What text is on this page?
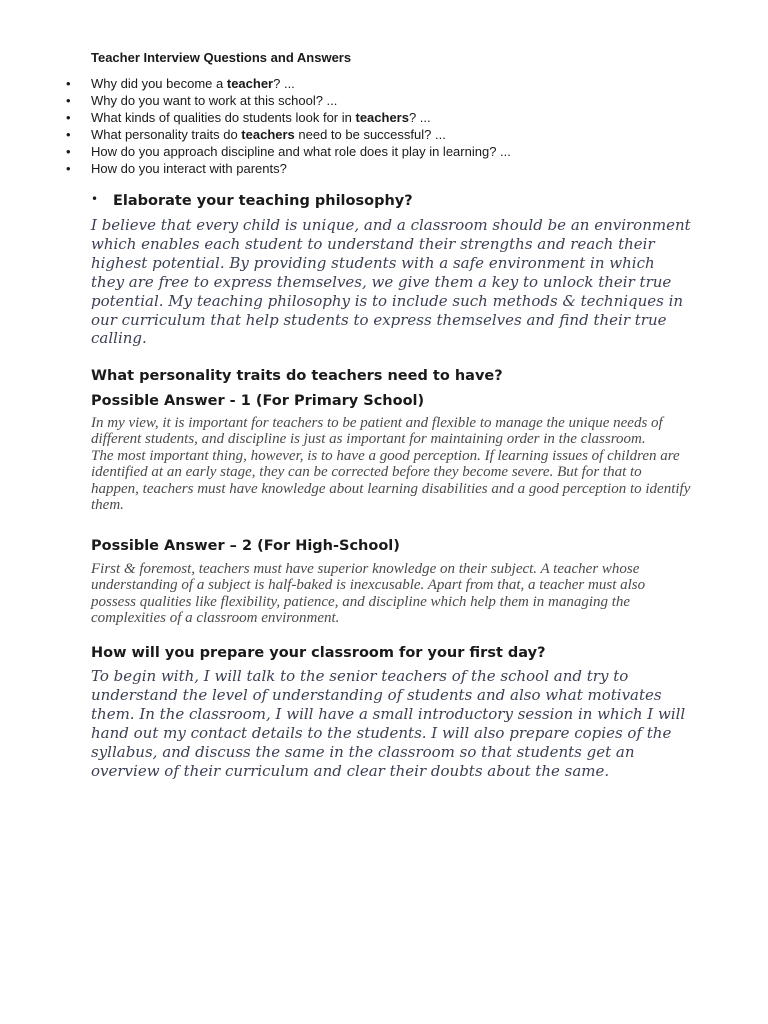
Teacher Interview Questions and Answers
• Why did you become a teacher? ...
• Why do you want to work at this school? ...
• What kinds of qualities do students look for in teachers? ...
• What personality traits do teachers need to be successful? ...
• How do you approach discipline and what role does it play in learning? ...
• How do you interact with parents?
• Elaborate your teaching philosophy?

I believe that every child is unique, and a classroom should be an environment which enables each student to understand their strengths and reach their highest potential. By providing students with a safe environment in which they are free to express themselves, we give them a key to unlock their true potential. My teaching philosophy is to include such methods & techniques in our curriculum that help students to express themselves and find their true calling.

What personality traits do teachers need to have?
Possible Answer - 1 (For Primary School)

In my view, it is important for teachers to be patient and flexible to manage the unique needs of different students, and discipline is just as important for maintaining order in the classroom.

The most important thing, however, is to have a good perception. If learning issues of children are identified at an early stage, they can be corrected before they become severe. But for that to happen, teachers must have knowledge about learning disabilities and a good perception to identify them.

Possible Answer – 2 (For High-School)

First & foremost, teachers must have superior knowledge on their subject. A teacher whose understanding of a subject is half-baked is inexcusable. Apart from that, a teacher must also possess qualities like flexibility, patience, and discipline which help them in managing the complexities of a classroom environment.

How will you prepare your classroom for your first day?

To begin with, I will talk to the senior teachers of the school and try to understand the level of understanding of students and also what motivates them. In the classroom, I will have a small introductory session in which I will hand out my contact details to the students. I will also prepare copies of the syllabus, and discuss the same in the classroom so that students get an overview of their curriculum and clear their doubts about the same.
